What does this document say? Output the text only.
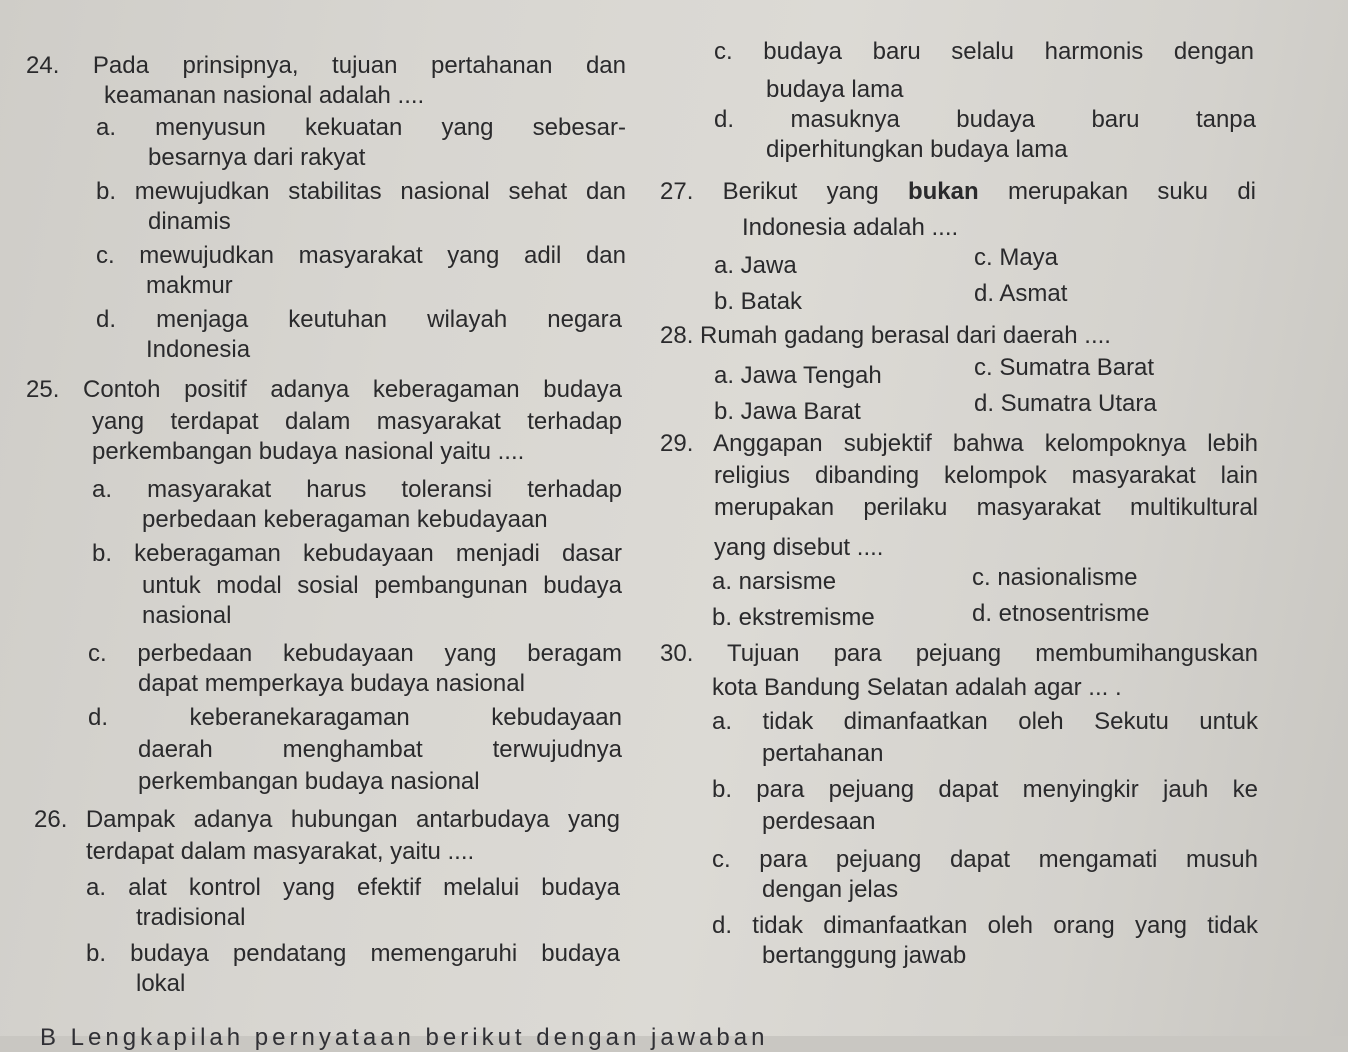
24. Pada prinsipnya, tujuan pertahanan dan
keamanan nasional adalah ....
a. menyusun kekuatan yang sebesar-
besarnya dari rakyat
b. mewujudkan stabilitas nasional sehat dan
dinamis
c. mewujudkan masyarakat yang adil dan
makmur
d. menjaga keutuhan wilayah negara
Indonesia
25. Contoh positif adanya keberagaman budaya
yang terdapat dalam masyarakat terhadap
perkembangan budaya nasional yaitu ....
a. masyarakat harus toleransi terhadap
perbedaan keberagaman kebudayaan
b. keberagaman kebudayaan menjadi dasar
untuk modal sosial pembangunan budaya
nasional
c. perbedaan kebudayaan yang beragam
dapat memperkaya budaya nasional
d. keberanekaragaman kebudayaan
daerah menghambat terwujudnya
perkembangan budaya nasional
26. Dampak adanya hubungan antarbudaya yang
terdapat dalam masyarakat, yaitu ....
a. alat kontrol yang efektif melalui budaya
tradisional
b. budaya pendatang memengaruhi budaya
lokal
c. budaya baru selalu harmonis dengan
budaya lama
d. masuknya budaya baru tanpa
diperhitungkan budaya lama
27. Berikut yang bukan merupakan suku di
Indonesia adalah ....
a. Jawa	c. Maya
b. Batak	d. Asmat
28. Rumah gadang berasal dari daerah ....
a. Jawa Tengah	c. Sumatra Barat
b. Jawa Barat	d. Sumatra Utara
29. Anggapan subjektif bahwa kelompoknya lebih
religius dibanding kelompok masyarakat lain
merupakan perilaku masyarakat multikultural
yang disebut ....
a. narsisme	c. nasionalisme
b. ekstremisme	d. etnosentrisme
30. Tujuan para pejuang membumihanguskan
kota Bandung Selatan adalah agar ... .
a. tidak dimanfaatkan oleh Sekutu untuk
pertahanan
b. para pejuang dapat menyingkir jauh ke
perdesaan
c. para pejuang dapat mengamati musuh
dengan jelas
d. tidak dimanfaatkan oleh orang yang tidak
bertanggung jawab
B Lengkapilah pernyataan berikut dengan jawaban
